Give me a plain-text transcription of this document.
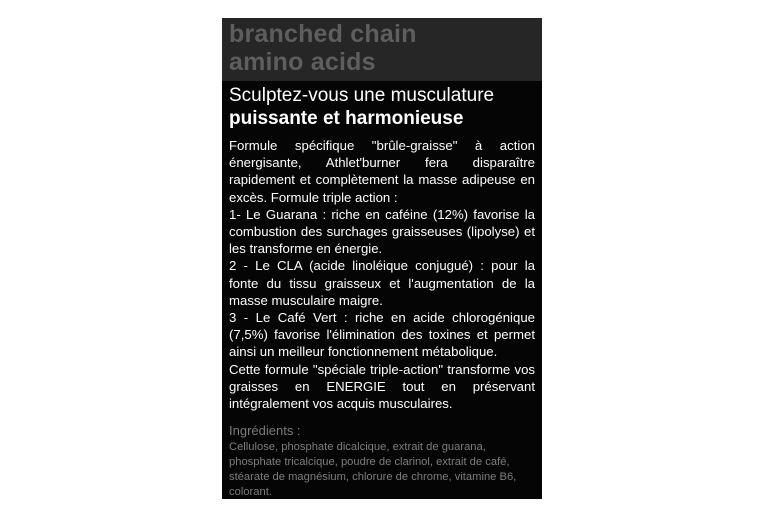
branched chain
amino acids
Sculptez-vous une musculature
puissante et harmonieuse

Formule spécifique "brûle-graisse" à action énergisante, Athlet'burner fera disparaître rapidement et complètement la masse adipeuse en excès. Formule triple action :

1- Le Guarana : riche en caféine (12%) favorise la combustion des surchages graisseuses (lipolyse) et les transforme en énergie.

2 - Le CLA (acide linoléique conjugué) : pour la fonte du tissu graisseux et l'augmentation de la masse musculaire maigre.

3 - Le Café Vert : riche en acide chlorogénique (7,5%) favorise l'élimination des toxines et permet ainsi un meilleur fonctionnement métabolique.

Cette formule "spéciale triple-action" transforme vos graisses en ENERGIE tout en préservant intégralement vos acquis musculaires.

Ingrédients :
Cellulose, phosphate dicalcique, extrait de guarana,
phosphate tricalcique, poudre de clarinol, extrait de café,
stéarate de magnésium, chlorure de chrome, vitamine B6,
colorant.
